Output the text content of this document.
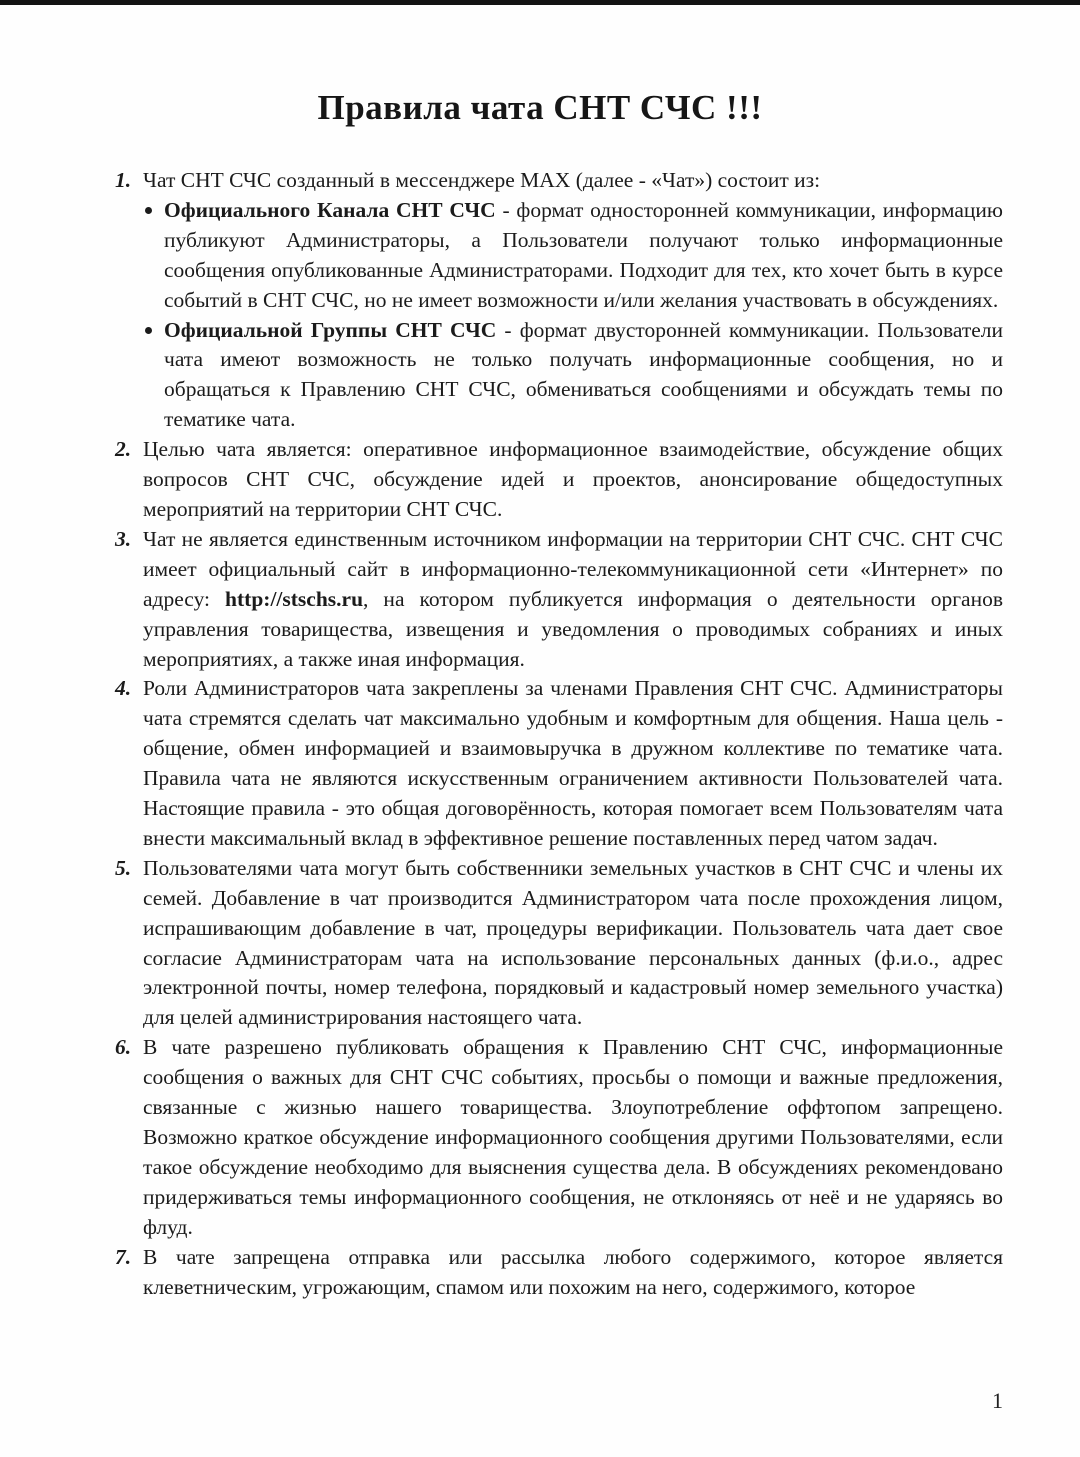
Правила чата СНТ СЧС !!!
1. Чат СНТ СЧС созданный в мессенджере MAX (далее - «Чат») состоит из:
Официального Канала СНТ СЧС - формат односторонней коммуникации, информацию публикуют Администраторы, а Пользователи получают только информационные сообщения опубликованные Администраторами. Подходит для тех, кто хочет быть в курсе событий в СНТ СЧС, но не имеет возможности и/или желания участвовать в обсуждениях.
Официальной Группы СНТ СЧС - формат двусторонней коммуникации. Пользователи чата имеют возможность не только получать информационные сообщения, но и обращаться к Правлению СНТ СЧС, обмениваться сообщениями и обсуждать темы по тематике чата.
2. Целью чата является: оперативное информационное взаимодействие, обсуждение общих вопросов СНТ СЧС, обсуждение идей и проектов, анонсирование общедоступных мероприятий на территории СНТ СЧС.
3. Чат не является единственным источником информации на территории СНТ СЧС. СНТ СЧС имеет официальный сайт в информационно-телекоммуникационной сети «Интернет» по адресу: http://stschs.ru, на котором публикуется информация о деятельности органов управления товарищества, извещения и уведомления о проводимых собраниях и иных мероприятиях, а также иная информация.
4. Роли Администраторов чата закреплены за членами Правления СНТ СЧС. Администраторы чата стремятся сделать чат максимально удобным и комфортным для общения. Наша цель - общение, обмен информацией и взаимовыручка в дружном коллективе по тематике чата. Правила чата не являются искусственным ограничением активности Пользователей чата. Настоящие правила - это общая договорённость, которая помогает всем Пользователям чата внести максимальный вклад в эффективное решение поставленных перед чатом задач.
5. Пользователями чата могут быть собственники земельных участков в СНТ СЧС и члены их семей. Добавление в чат производится Администратором чата после прохождения лицом, испрашивающим добавление в чат, процедуры верификации. Пользователь чата дает свое согласие Администраторам чата на использование персональных данных (ф.и.о., адрес электронной почты, номер телефона, порядковый и кадастровый номер земельного участка) для целей администрирования настоящего чата.
6. В чате разрешено публиковать обращения к Правлению СНТ СЧС, информационные сообщения о важных для СНТ СЧС событиях, просьбы о помощи и важные предложения, связанные с жизнью нашего товарищества. Злоупотребление оффтопом запрещено. Возможно краткое обсуждение информационного сообщения другими Пользователями, если такое обсуждение необходимо для выяснения существа дела. В обсуждениях рекомендовано придерживаться темы информационного сообщения, не отклоняясь от неё и не ударяясь во флуд.
7. В чате запрещена отправка или рассылка любого содержимого, которое является клеветническим, угрожающим, спамом или похожим на него, содержимого, которое
1
